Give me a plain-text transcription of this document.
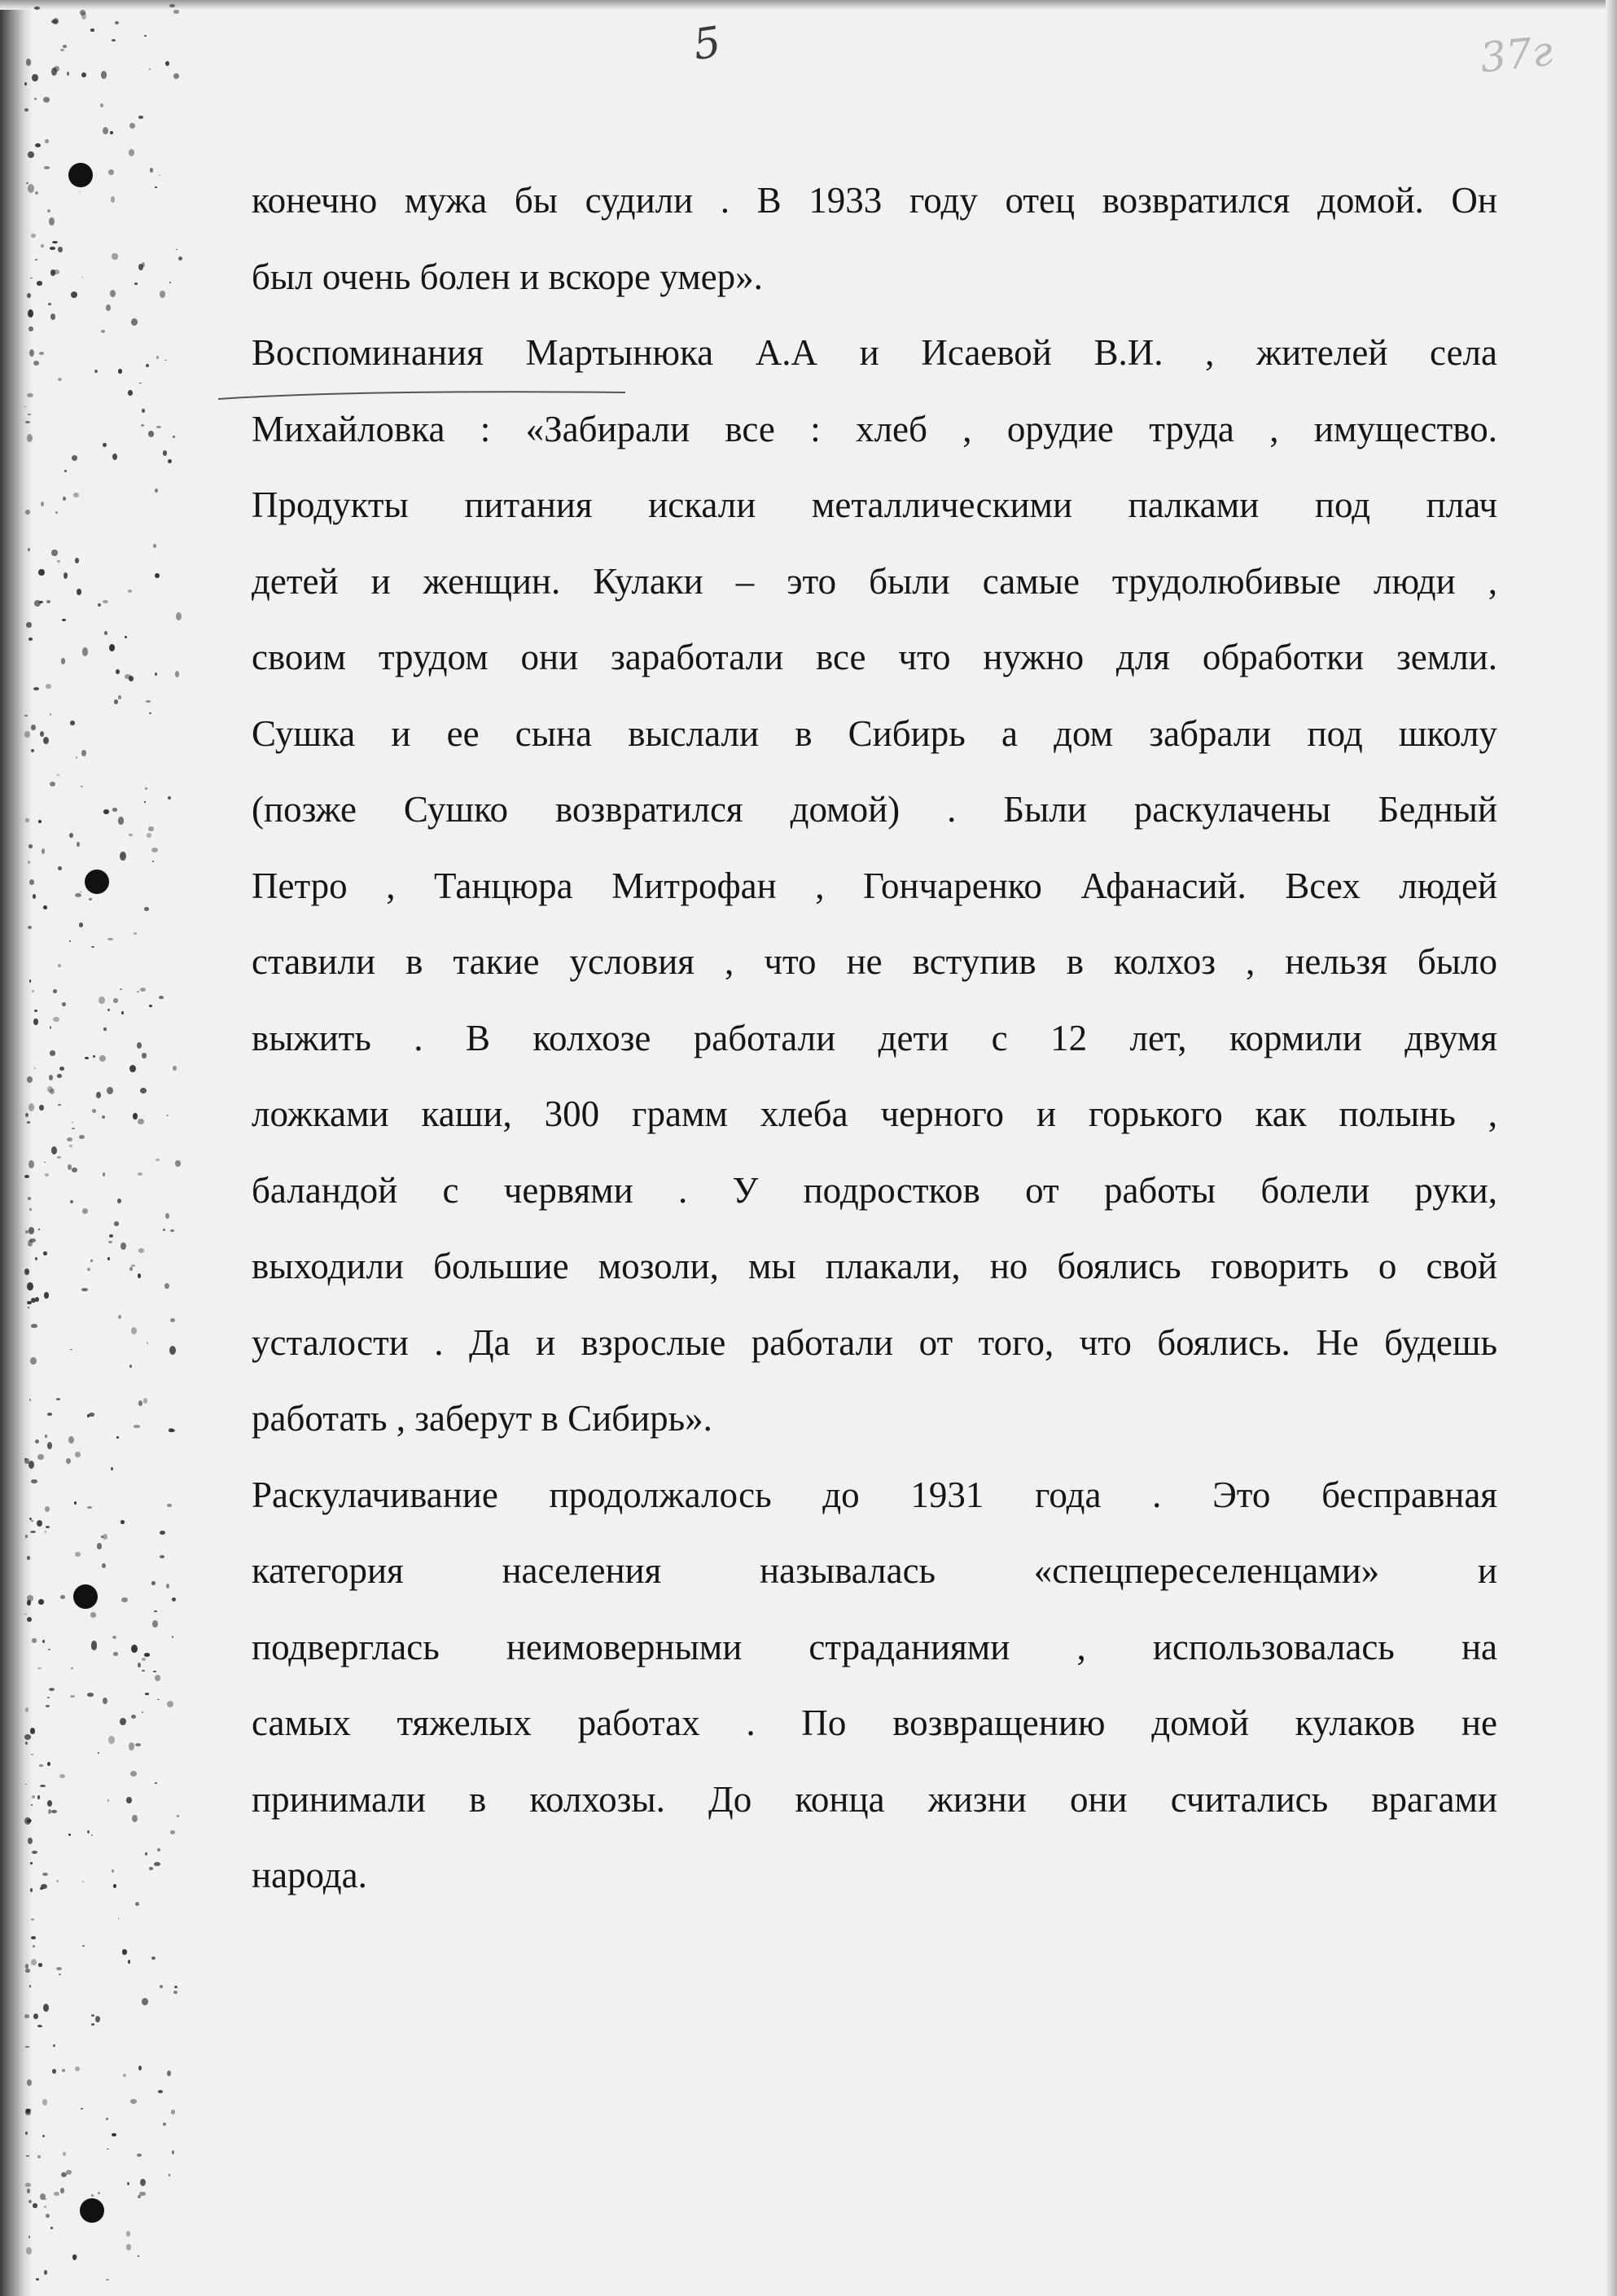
5	37г
конечно мужа бы судили . В 1933 году отец возвратился домой. Он
был очень болен и вскоре умер».
Воспоминания Мартынюка А.А и Исаевой В.И. , жителей села
Михайловка : «Забирали все : хлеб , орудие труда , имущество.
Продукты питания искали металлическими палками под плач
детей и женщин. Кулаки – это были самые трудолюбивые люди ,
своим трудом они заработали все что нужно для обработки земли.
Сушка и ее сына выслали в Сибирь а дом забрали под школу
(позже Сушко возвратился домой) . Были раскулачены Бедный
Петро , Танцюра Митрофан , Гончаренко Афанасий. Всех людей
ставили в такие условия , что не вступив в колхоз , нельзя было
выжить . В колхозе работали дети с 12 лет, кормили двумя
ложками каши, 300 грамм хлеба черного и горького как полынь ,
баландой с червями . У подростков от работы болели руки,
выходили большие мозоли, мы плакали, но боялись говорить о свой
усталости . Да и взрослые работали от того, что боялись. Не будешь
работать , заберут в Сибирь».
Раскулачивание продолжалось до 1931 года . Это бесправная
категория населения называлась «спецпереселенцами» и
подверглась неимоверными страданиями , использовалась на
самых тяжелых работах . По возвращению домой кулаков не
принимали в колхозы. До конца жизни они считались врагами
народа.
